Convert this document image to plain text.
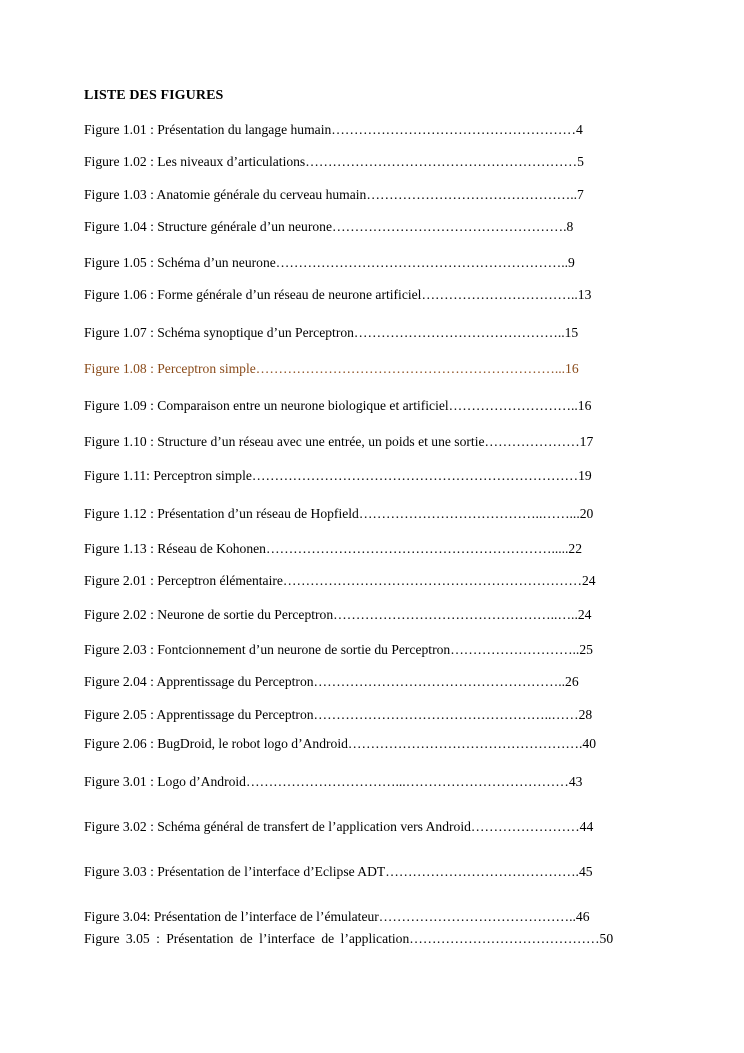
LISTE DES FIGURES
Figure 1.01 : Présentation du langage humain………………………………………………4
Figure 1.02 : Les niveaux d’articulations……………………………………………………5
Figure 1.03 : Anatomie générale du cerveau humain………………………………………..7
Figure 1.04 : Structure générale d’un neurone…………………………………………….8
Figure 1.05 : Schéma d’un neurone………………………………………………………..9
Figure 1.06 : Forme générale d’un réseau de neurone artificiel……………………………..13
Figure 1.07 : Schéma synoptique d’un Perceptron………………………………………..15
Figure 1.08 : Perceptron simple…………………………………………………………...16
Figure 1.09 : Comparaison entre un neurone biologique et artificiel………………………..16
Figure 1.10 : Structure d’un réseau avec une entrée, un poids et une sortie…………………17
Figure 1.11: Perceptron simple………………………………………………………………19
Figure 1.12 : Présentation d’un réseau de Hopfield…………………………………..……...20
Figure 1.13 : Réseau de Kohonen……………………………………………………….....22
Figure 2.01 : Perceptron élémentaire…………………………………………………………24
Figure 2.02 : Neurone de sortie du Perceptron…………………………………………..…..24
Figure 2.03 : Fontcionnement d’un neurone de sortie du Perceptron………………………..25
Figure 2.04 : Apprentissage du Perceptron………………………………………………..26
Figure 2.05 : Apprentissage du Perceptron……………………………………………..……28
Figure 2.06 : BugDroid, le robot logo d’Android…………………………………………….40
Figure 3.01 : Logo d’Android……………………………...………………………………43
Figure 3.02 : Schéma général de transfert de l’application vers Android……………………44
Figure 3.03 : Présentation de l’interface d’Eclipse ADT…………………………………….45
Figure 3.04: Présentation de l’interface de l’émulateur……………………………………..46
Figure 3.05 : Présentation de l’interface de l’application……………………………………50
